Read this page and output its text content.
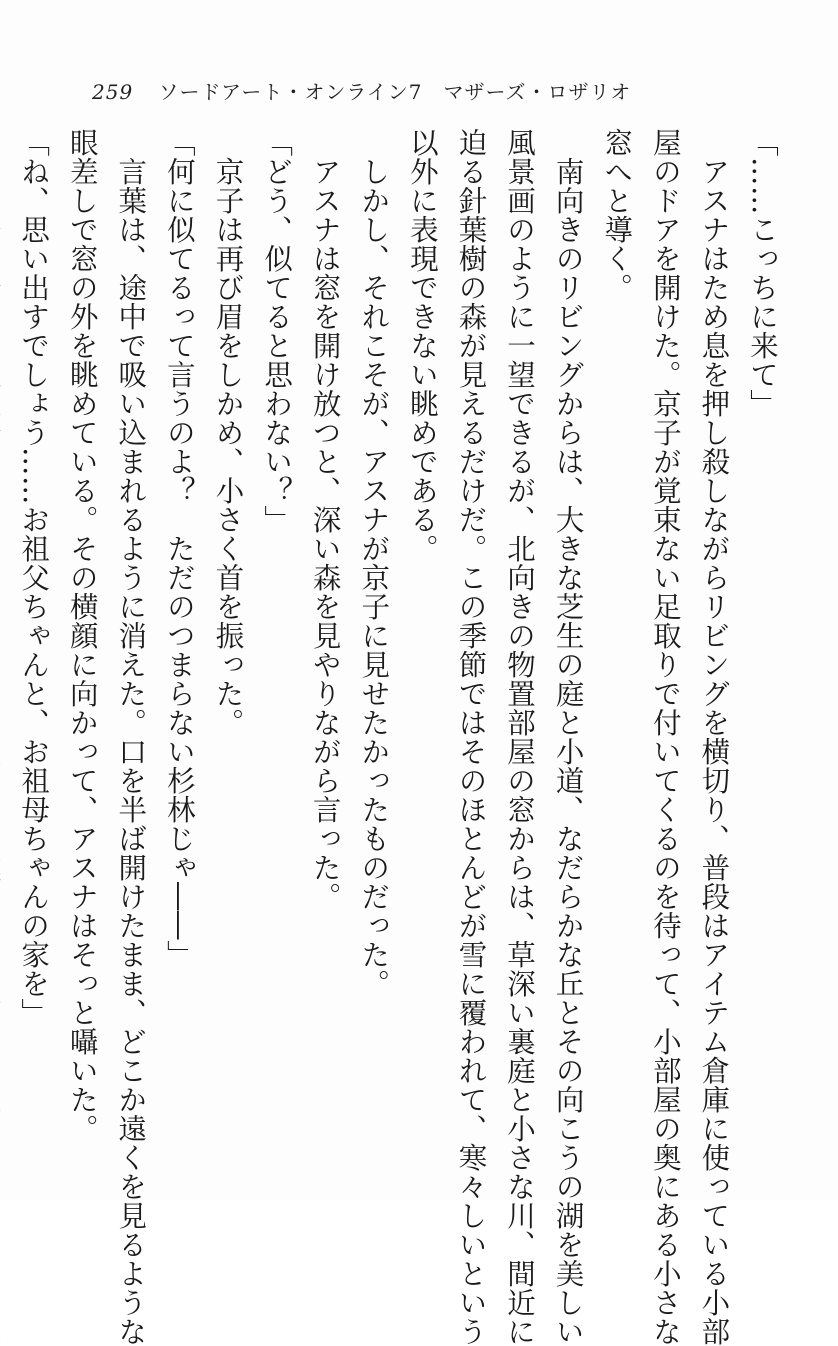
259 ソードアート・オンライン7　マザーズ・ロザリオ
「……こっちに来て」
アスナはため息を押し殺しながらリビングを横切り、普段はアイテム倉庫に使っている小部
屋のドアを開けた。京子が覚束ない足取りで付いてくるのを待って、小部屋の奥にある小さな
窓へと導く。
南向きのリビングからは、大きな芝生の庭と小道、なだらかな丘とその向こうの湖を美しい
風景画のように一望できるが、北向きの物置部屋の窓からは、草深い裏庭と小さな川、間近に
迫る針葉樹の森が見えるだけだ。この季節ではそのほとんどが雪に覆われて、寒々しいという
以外に表現できない眺めである。
しかし、それこそが、アスナが京子に見せたかったものだった。
アスナは窓を開け放つと、深い森を見やりながら言った。
「どう、似てると思わない？」
京子は再び眉をしかめ、小さく首を振った。
「何に似てるって言うのよ？　ただのつまらない杉林じゃ――」
言葉は、途中で吸い込まれるように消えた。口を半ば開けたまま、どこか遠くを見るような
眼差しで窓の外を眺めている。その横顔に向かって、アスナはそっと囁いた。
「ね、思い出すでしょう……お祖父ちゃんと、お祖母ちゃんの家を」
